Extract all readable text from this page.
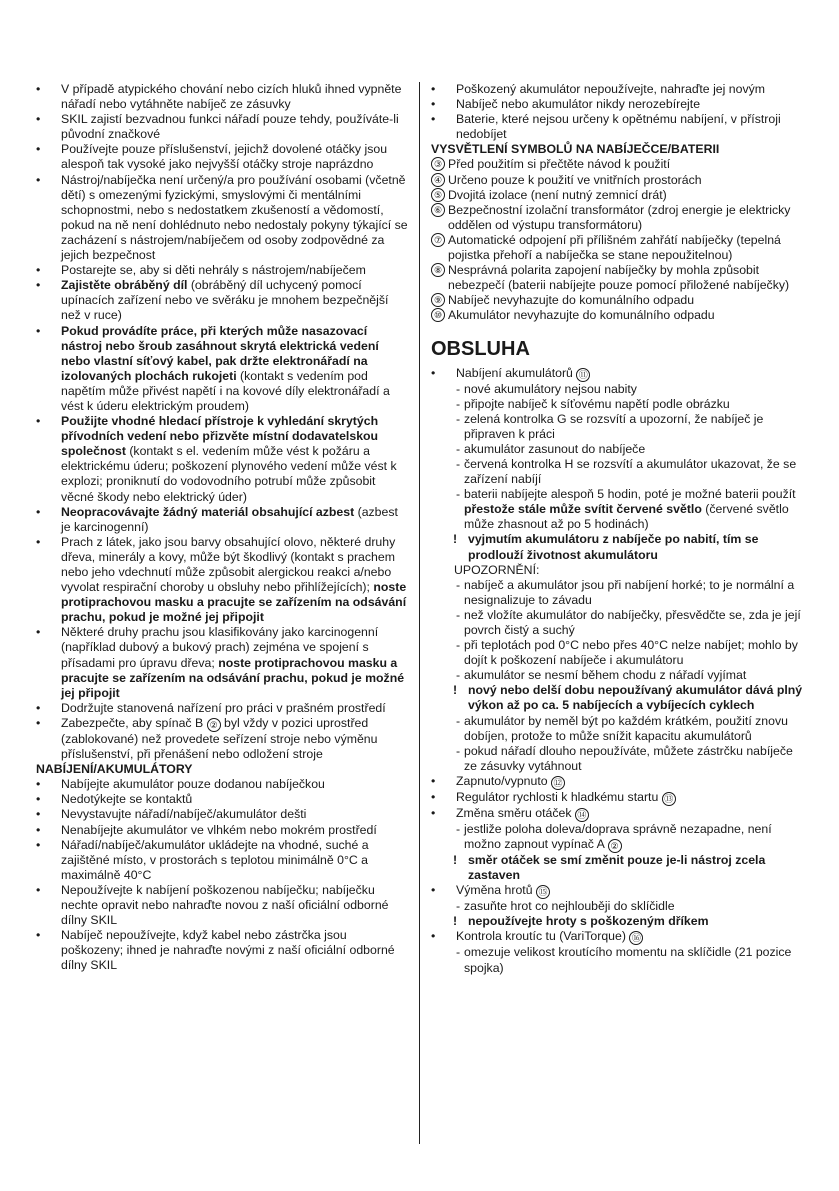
• V případě atypického chování nebo cizích hluků ihned vypněte nářadí nebo vytáhněte nabíječ ze zásuvky
• SKIL zajistí bezvadnou funkci nářadí pouze tehdy, používáte-li původní značkové
• Používejte pouze příslušenství, jejichž dovolené otáčky jsou alespoň tak vysoké jako nejvyšší otáčky stroje naprázdno
• Nástroj/nabíječka není určený/a pro používání osobami (včetně dětí) s omezenými fyzickými, smyslovými či mentálními schopnostmi, nebo s nedostatkem zkušeností a vědomostí, pokud na ně není dohlédnuto nebo nedostaly pokyny týkající se zacházení s nástrojem/nabíječem od osoby zodpovědné za jejich bezpečnost
• Postarejte se, aby si děti nehrály s nástrojem/nabíječem
• Zajistěte obráběný díl (obráběný díl uchycený pomocí upínacích zařízení nebo ve svěráku je mnohem bezpečnější než v ruce)
• Pokud provádíte práce, při kterých může nasazovací nástroj nebo šroub zasáhnout skrytá elektrická vedení nebo vlastní síťový kabel, pak držte elektronářadí na izolovaných plochách rukojeti (kontakt s vedením pod napětím může přivést napětí i na kovové díly elektronářadí a vést k úderu elektrickým proudem)
• Použijte vhodné hledací přístroje k vyhledání skrytých přívodních vedení nebo přizvěte místní dodavatelskou společnost (kontakt s el. vedením může vést k požáru a elektrickému úderu; poškození plynového vedení může vést k explozi; proniknutí do vodovodního potrubí může způsobit věcné škody nebo elektrický úder)
• Neopracovávajte žádný materiál obsahující azbest (azbest je karcinogenní)
• Prach z látek, jako jsou barvy obsahující olovo, některé druhy dřeva, minerály a kovy, může být škodlivý (kontakt s prachem nebo jeho vdechnutí může způsobit alergickou reakci a/nebo vyvolat respirační choroby u obsluhy nebo přihlížejících); noste protiprachovou masku a pracujte se zařízením na odsávání prachu, pokud je možné jej připojit
• Některé druhy prachu jsou klasifikovány jako karcinogenní (například dubový a bukový prach) zejména ve spojení s přísadami pro úpravu dřeva; noste protiprachovou masku a pracujte se zařízením na odsávání prachu, pokud je možné jej připojit
• Dodržujte stanovená nařízení pro práci v prašném prostředí
• Zabezpečte, aby spínač B ② byl vždy v pozici uprostřed (zablokované) než provedete seřízení stroje nebo výměnu příslušenství, při přenášení nebo odložení stroje
NABÍJENÍ/AKUMULÁTORY
• Nabíjejte akumulátor pouze dodanou nabíječkou
• Nedotýkejte se kontaktů
• Nevystavujte nářadí/nabíječ/akumulátor dešti
• Nenabíjejte akumulátor ve vlhkém nebo mokrém prostředí
• Nářadí/nabíječ/akumulátor ukládejte na vhodné, suché a zajištěné místo, v prostorách s teplotou minimálně 0°C a maximálně 40°C
• Nepoužívejte k nabíjení poškozenou nabíječku; nabíječku nechte opravit nebo nahraďte novou z naší oficiální odborné dílny SKIL
• Nabíječ nepoužívejte, když kabel nebo zástrčka jsou poškozeny; ihned je nahraďte novými z naší oficiální odborné dílny SKIL
• Poškozený akumulátor nepoužívejte, nahraďte jej novým
• Nabíječ nebo akumulátor nikdy nerozebírejte
• Baterie, které nejsou určeny k opětnému nabíjení, v přístroji nedobíjet
VYSVĚTLENÍ SYMBOLŮ NA NABÍJEČCE/BATERII
③ Před použitím si přečtěte návod k použití
④ Určeno pouze k použití ve vnitřních prostorách
⑤ Dvojitá izolace (není nutný zemnicí drát)
⑥ Bezpečnostní izolační transformátor (zdroj energie je elektricky oddělen od výstupu transformátoru)
⑦ Automatické odpojení při přílišném zahřátí nabíječky (tepelná pojistka přehoří a nabíječka se stane nepoužitelnou)
⑧ Nesprávná polarita zapojení nabíječky by mohla způsobit nebezpečí (baterii nabíjejte pouze pomocí přiložené nabíječky)
⑨ Nabíječ nevyhazujte do komunálního odpadu
⑩ Akumulátor nevyhazujte do komunálního odpadu
OBSLUHA
• Nabíjení akumulátorů ⑪
- nové akumulátory nejsou nabity
- připojte nabíječ k síťovému napětí podle obrázku
- zelená kontrolka G se rozsvítí a upozorní, že nabíječ je připraven k práci
- akumulátor zasunout do nabíječe
- červená kontrolka H se rozsvítí a akumulátor ukazovat, že se zařízení nabíjí
- baterii nabíjejte alespoň 5 hodin, poté je možné baterii použít přestože stále může svítit červené světlo (červené světlo může zhasnout až po 5 hodinách)
! vyjmutím akumulátoru z nabíječe po nabití, tím se prodlouží životnost akumulátoru
UPOZORNĚNÍ:
- nabíječ a akumulátor jsou při nabíjení horké; to je normální a nesignalizuje to závadu
- než vložíte akumulátor do nabíječky, přesvědčte se, zda je její povrch čistý a suchý
- při teplotách pod 0°C nebo přes 40°C nelze nabíjet; mohlo by dojít k poškození nabíječe i akumulátoru
- akumulátor se nesmí během chodu z nářadí vyjímat
! nový nebo delší dobu nepoužívaný akumulátor dává plný výkon až po ca. 5 nabíjecích a vybíjecích cyklech
- akumulátor by neměl být po každém krátkém, použití znovu dobíjen, protože to může snížit kapacitu akumulátorů
- pokud nářadí dlouho nepoužíváte, můžete zástrčku nabíječe ze zásuvky vytáhnout
• Zapnuto/vypnuto ⑫
• Regulátor rychlosti k hladkému startu ⑬
• Změna směru otáček ⑭
- jestliže poloha doleva/doprava správně nezapadne, není možno zapnout vypínač A ②
! směr otáček se smí změnit pouze je-li nástroj zcela zastaven
• Výměna hrotů ⑮
- zasuňte hrot co nejhlouběji do sklíčidle
! nepoužívejte hroty s poškozeným dříkem
• Kontrola kroutíc tu (VariTorque) ⑯
- omezuje velikost kroutícího momentu na sklíčidle (21 pozice spojka)
